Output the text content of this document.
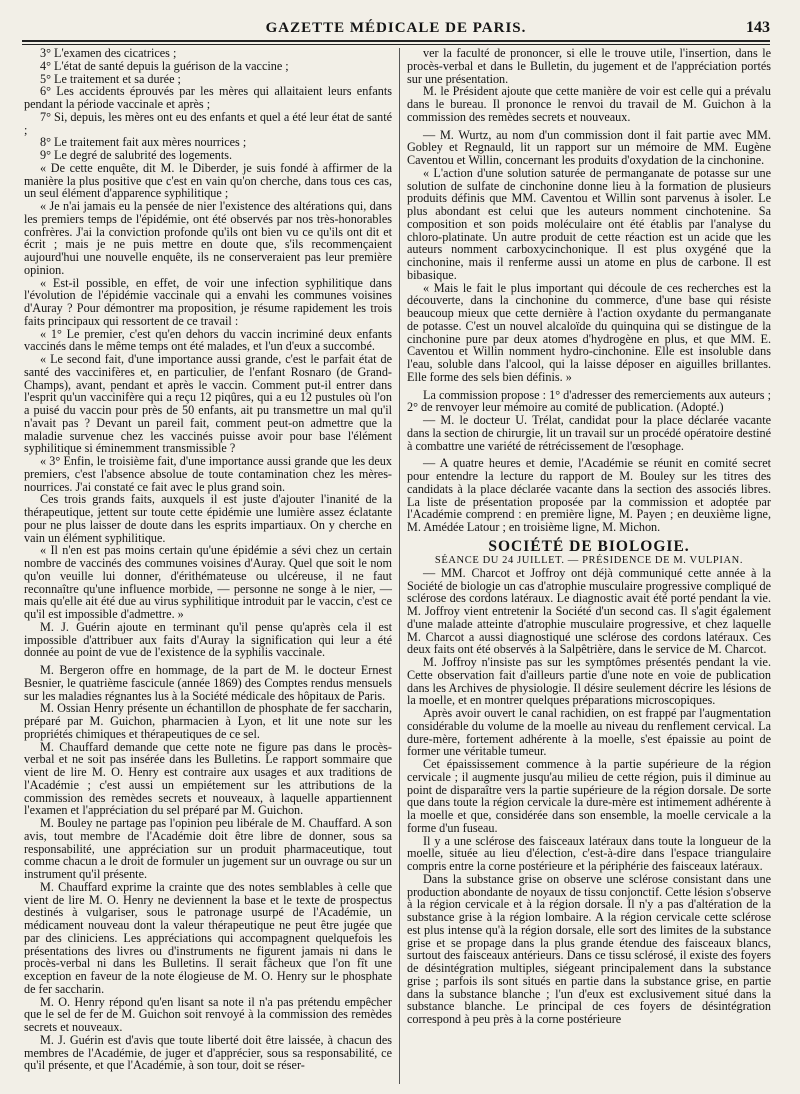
GAZETTE MÉDICALE DE PARIS.	143

3° L'examen des cicatrices ;

4° L'état de santé depuis la guérison de la vaccine ;

5° Le traitement et sa durée ;

6° Les accidents éprouvés par les mères qui allaitaient leurs enfants pendant la période vaccinale et après ;

7° Si, depuis, les mères ont eu des enfants et quel a été leur état de santé ;

8° Le traitement fait aux mères nourrices ;

9° Le degré de salubrité des logements.

« De cette enquête, dit M. le Diberder, je suis fondé à affirmer de la manière la plus positive que c'est en vain qu'on cherche, dans tous ces cas, un seul élément d'apparence syphilitique ;

« Je n'ai jamais eu la pensée de nier l'existence des altérations qui, dans les premiers temps de l'épidémie, ont été observés par nos très-honorables confrères. J'ai la conviction profonde qu'ils ont bien vu ce qu'ils ont dit et écrit ; mais je ne puis mettre en doute que, s'ils recommençaient aujourd'hui une nouvelle enquête, ils ne conserveraient pas leur première opinion.

« Est-il possible, en effet, de voir une infection syphilitique dans l'évolution de l'épidémie vaccinale qui a envahi les communes voisines d'Auray ? Pour démontrer ma proposition, je résume rapidement les trois faits principaux qui ressortent de ce travail :

« 1° Le premier, c'est qu'en dehors du vaccin incriminé deux enfants vaccinés dans le même temps ont été malades, et l'un d'eux a succombé.

« Le second fait, d'une importance aussi grande, c'est le parfait état de santé des vaccinifères et, en particulier, de l'enfant Rosnaro (de Grand-Champs), avant, pendant et après le vaccin. Comment put-il entrer dans l'esprit qu'un vaccinifère qui a reçu 12 piqûres, qui a eu 12 pustules où l'on a puisé du vaccin pour près de 50 enfants, ait pu transmettre un mal qu'il n'avait pas ? Devant un pareil fait, comment peut-on admettre que la maladie survenue chez les vaccinés puisse avoir pour base l'élément syphilitique si éminemment transmissible ?

« 3° Enfin, le troisième fait, d'une importance aussi grande que les deux premiers, c'est l'absence absolue de toute contamination chez les mères-nourrices. J'ai constaté ce fait avec le plus grand soin.

Ces trois grands faits, auxquels il est juste d'ajouter l'inanité de la thérapeutique, jettent sur toute cette épidémie une lumière assez éclatante pour ne plus laisser de doute dans les esprits impartiaux. On y cherche en vain un élément syphilitique.

« Il n'en est pas moins certain qu'une épidémie a sévi chez un certain nombre de vaccinés des communes voisines d'Auray. Quel que soit le nom qu'on veuille lui donner, d'érithémateuse ou ulcéreuse, il ne faut reconnaître qu'une influence morbide, — personne ne songe à le nier, — mais qu'elle ait été due au virus syphilitique introduit par le vaccin, c'est ce qu'il est impossible d'admettre. »

M. J. Guérin ajoute en terminant qu'il pense qu'après cela il est impossible d'attribuer aux faits d'Auray la signification qui leur a été donnée au point de vue de l'existence de la syphilis vaccinale.

M. Bergeron offre en hommage, de la part de M. le docteur Ernest Besnier, le quatrième fascicule (année 1869) des Comptes rendus mensuels sur les maladies régnantes lus à la Société médicale des hôpitaux de Paris.

M. Ossian Henry présente un échantillon de phosphate de fer saccharin, préparé par M. Guichon, pharmacien à Lyon, et lit une note sur les propriétés chimiques et thérapeutiques de ce sel.

M. Chauffard demande que cette note ne figure pas dans le procès-verbal et ne soit pas insérée dans les Bulletins. Le rapport sommaire que vient de lire M. O. Henry est contraire aux usages et aux traditions de l'Académie ; c'est aussi un empiétement sur les attributions de la commission des remèdes secrets et nouveaux, à laquelle appartiennent l'examen et l'appréciation du sel préparé par M. Guichon.

M. Bouley ne partage pas l'opinion peu libérale de M. Chauffard. A son avis, tout membre de l'Académie doit être libre de donner, sous sa responsabilité, une appréciation sur un produit pharmaceutique, tout comme chacun a le droit de formuler un jugement sur un ouvrage ou sur un instrument qu'il présente.

M. Chauffard exprime la crainte que des notes semblables à celle que vient de lire M. O. Henry ne deviennent la base et le texte de prospectus destinés à vulgariser, sous le patronage usurpé de l'Académie, un médicament nouveau dont la valeur thérapeutique ne peut être jugée que par des cliniciens. Les appréciations qui accompagnent quelquefois les présentations des livres ou d'instruments ne figurent jamais ni dans le procès-verbal ni dans les Bulletins. Il serait fâcheux que l'on fît une exception en faveur de la note élogieuse de M. O. Henry sur le phosphate de fer saccharin.

M. O. Henry répond qu'en lisant sa note il n'a pas prétendu empêcher que le sel de fer de M. Guichon soit renvoyé à la commission des remèdes secrets et nouveaux.

M. J. Guérin est d'avis que toute liberté doit être laissée, à chacun des membres de l'Académie, de juger et d'apprécier, sous sa responsabilité, ce qu'il présente, et que l'Académie, à son tour, doit se réser-

ver la faculté de prononcer, si elle le trouve utile, l'insertion, dans le procès-verbal et dans le Bulletin, du jugement et de l'appréciation portés sur une présentation.

M. le Président ajoute que cette manière de voir est celle qui a prévalu dans le bureau. Il prononce le renvoi du travail de M. Guichon à la commission des remèdes secrets et nouveaux.

— M. Wurtz, au nom d'un commission dont il fait partie avec MM. Gobley et Regnauld, lit un rapport sur un mémoire de MM. Eugène Caventou et Willin, concernant les produits d'oxydation de la cinchonine.

« L'action d'une solution saturée de permanganate de potasse sur une solution de sulfate de cinchonine donne lieu à la formation de plusieurs produits définis que MM. Caventou et Willin sont parvenus à isoler. Le plus abondant est celui que les auteurs nomment cinchotenine. Sa composition et son poids moléculaire ont été établis par l'analyse du chloro-platinate. Un autre produit de cette réaction est un acide que les auteurs nomment carboxycinchonique. Il est plus oxygéné que la cinchonine, mais il renferme aussi un atome en plus de carbone. Il est bibasique.

« Mais le fait le plus important qui découle de ces recherches est la découverte, dans la cinchonine du commerce, d'une base qui résiste beaucoup mieux que cette dernière à l'action oxydante du permanganate de potasse. C'est un nouvel alcaloïde du quinquina qui se distingue de la cinchonine pure par deux atomes d'hydrogène en plus, et que MM. E. Caventou et Willin nomment hydro-cinchonine. Elle est insoluble dans l'eau, soluble dans l'alcool, qui la laisse déposer en aiguilles brillantes. Elle forme des sels bien définis. »

La commission propose : 1° d'adresser des remerciements aux auteurs ; 2° de renvoyer leur mémoire au comité de publication. (Adopté.)

— M. le docteur U. Trélat, candidat pour la place déclarée vacante dans la section de chirurgie, lit un travail sur un procédé opératoire destiné à combattre une variété de rétrécissement de l'œsophage.

— A quatre heures et demie, l'Académie se réunit en comité secret pour entendre la lecture du rapport de M. Bouley sur les titres des candidats à la place déclarée vacante dans la section des associés libres. La liste de présentation proposée par la commission et adoptée par l'Académie comprend : en première ligne, M. Payen ; en deuxième ligne, M. Amédée Latour ; en troisième ligne, M. Michon.

SOCIÉTÉ DE BIOLOGIE.

SÉANCE DU 24 JUILLET. — PRÉSIDENCE DE M. VULPIAN.

— MM. Charcot et Joffroy ont déjà communiqué cette année à la Société de biologie un cas d'atrophie musculaire progressive compliqué de sclérose des cordons latéraux. Le diagnostic avait été porté pendant la vie. M. Joffroy vient entretenir la Société d'un second cas. Il s'agit également d'une malade atteinte d'atrophie musculaire progressive, et chez laquelle M. Charcot a aussi diagnostiqué une sclérose des cordons latéraux. Ces deux faits ont été observés à la Salpêtrière, dans le service de M. Charcot.

M. Joffroy n'insiste pas sur les symptômes présentés pendant la vie. Cette observation fait d'ailleurs partie d'une note en voie de publication dans les Archives de physiologie. Il désire seulement décrire les lésions de la moelle, et en montrer quelques préparations microscopiques.

Après avoir ouvert le canal rachidien, on est frappé par l'augmentation considérable du volume de la moelle au niveau du renflement cervical. La dure-mère, fortement adhérente à la moelle, s'est épaissie au point de former une véritable tumeur.

Cet épaississement commence à la partie supérieure de la région cervicale ; il augmente jusqu'au milieu de cette région, puis il diminue au point de disparaître vers la partie supérieure de la région dorsale. De sorte que dans toute la région cervicale la dure-mère est intimement adhérente à la moelle et que, considérée dans son ensemble, la moelle cervicale a la forme d'un fuseau.

Il y a une sclérose des faisceaux latéraux dans toute la longueur de la moelle, située au lieu d'élection, c'est-à-dire dans l'espace triangulaire compris entre la corne postérieure et la périphérie des faisceaux latéraux.

Dans la substance grise on observe une sclérose consistant dans une production abondante de noyaux de tissu conjonctif. Cette lésion s'observe à la région cervicale et à la région dorsale. Il n'y a pas d'altération de la substance grise à la région lombaire. A la région cervicale cette sclérose est plus intense qu'à la région dorsale, elle sort des limites de la substance grise et se propage dans la plus grande étendue des faisceaux blancs, surtout des faisceaux antérieurs. Dans ce tissu sclérosé, il existe des foyers de désintégration multiples, siégeant principalement dans la substance grise ; parfois ils sont situés en partie dans la substance grise, en partie dans la substance blanche ; l'un d'eux est exclusivement situé dans la substance blanche. Le principal de ces foyers de désintégration correspond à peu près à la corne postérieure
